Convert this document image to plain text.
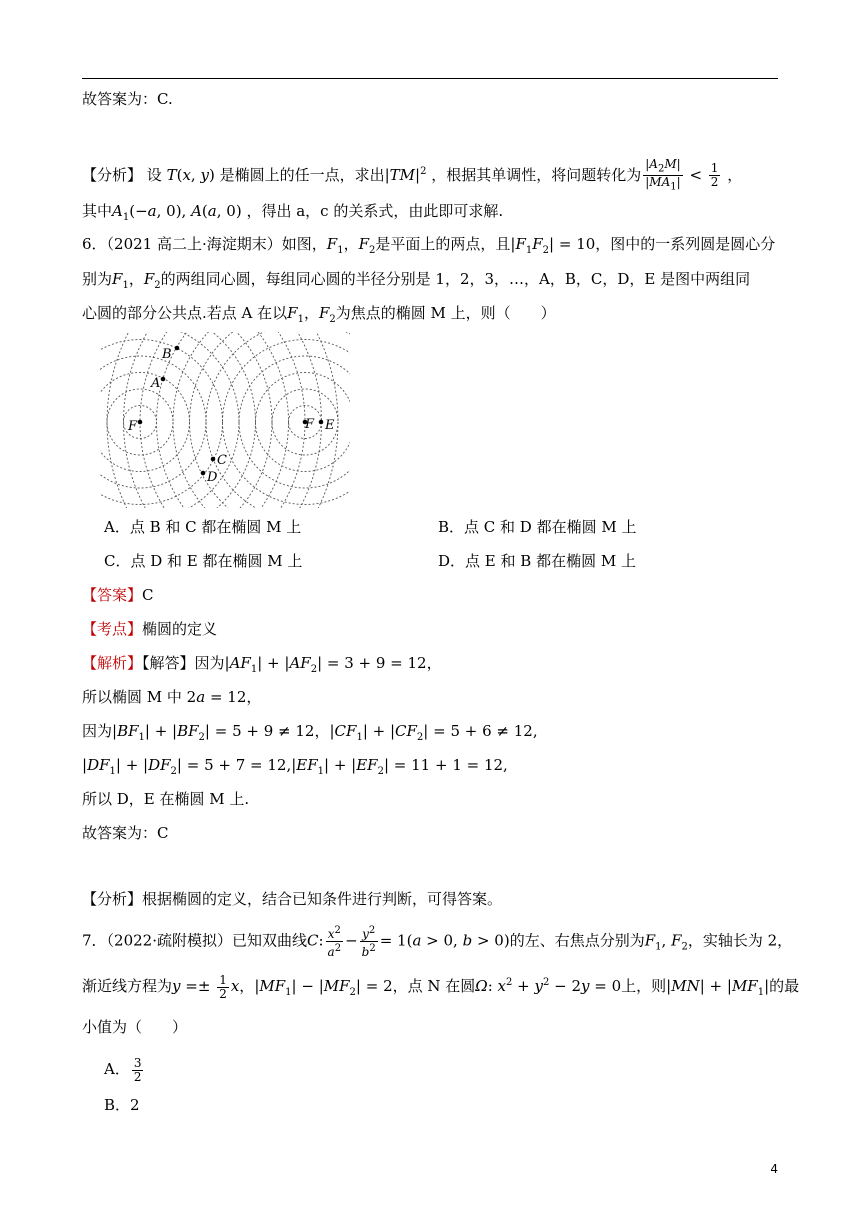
故答案为：C.
【分析】 设 T(x, y) 是椭圆上的任一点，求出$|TM|^2$ ，根据其单调性，将问题转化为 $\frac{|A_2M|}{|MA_1|} < \frac{1}{2}$ ，
其中$A_1(-a$, 0), A(a, 0) ，得出 a，c 的关系式，由此即可求解.
6．（2021 高二上·海淀期末）如图，$F_1$，$F_2$是平面上的两点，且$|F_1F_2| = 10$，图中的一系列圆是圆心分
别为$F_1$，$F_2$的两组同心圆，每组同心圆的半径分别是 1，2，3，…，A，B，C，D，E 是图中两组同
心圆的部分公共点.若点 A 在以$F_1$，$F_2$为焦点的椭圆 M 上，则（　　）
B
A
F	F E
C
D
A．点 B 和 C 都在椭圆 M 上	B．点 C 和 D 都在椭圆 M 上
C．点 D 和 E 都在椭圆 M 上	D．点 E 和 B 都在椭圆 M 上
【答案】C
【考点】椭圆的定义
【解析】【解答】因为$|AF_1| + |AF_2| = 3 + 9 = 12$，
所以椭圆 M 中 2a = 12，
因为$|BF_1| + |BF_2| = 5 + 9 \ne 12$，$|CF_1| + |CF_2| = 5 + 6 \ne 12$,
$|DF_1| + |DF_2| = 5 + 7 = 12,|EF_1| + |EF_2| = 11 + 1 = 12$,
所以 D，E 在椭圆 M 上.
故答案为：C
【分析】根据椭圆的定义，结合已知条件进行判断，可得答案。
7．（2022·疏附模拟）已知双曲线C: $\frac{x^2}{a^2} - \frac{y^2}{b^2} = 1(a > 0$, b > 0)的左、右焦点分别为$F_1$, $F_2$，实轴长为 2，
渐近线方程为$y =\pm \frac{1}{2}$ x，$|MF_1| - |MF_2| = 2$，点 N 在圆Ω: $x^2 + y^2 - 2y = 0$上，则$|MN| + |MF_1|$的最
小值为（　　）
A． $\frac{3}{2}$
B．2
4
